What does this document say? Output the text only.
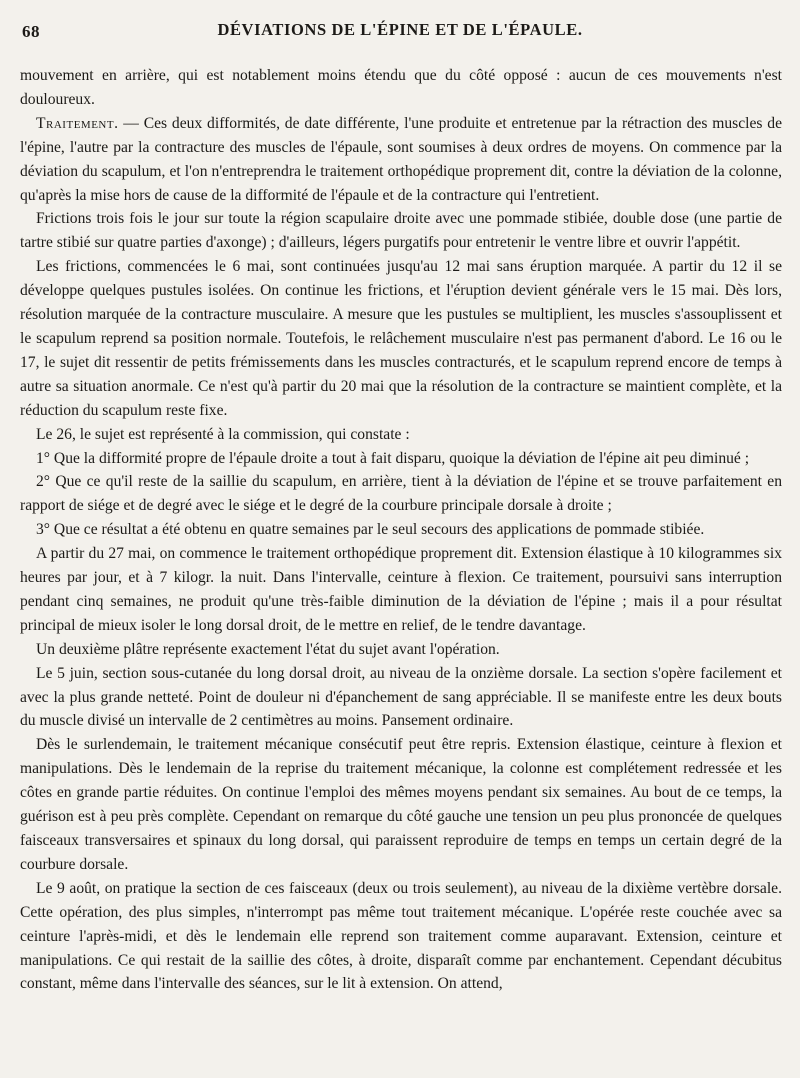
68	DÉVIATIONS DE L'ÉPINE ET DE L'ÉPAULE.

mouvement en arrière, qui est notablement moins étendu que du côté opposé : aucun de ces mouvements n'est douloureux.

Traitement. — Ces deux difformités, de date différente, l'une produite et entretenue par la rétraction des muscles de l'épine, l'autre par la contracture des muscles de l'épaule, sont soumises à deux ordres de moyens. On commence par la déviation du scapulum, et l'on n'entreprendra le traitement orthopédique proprement dit, contre la déviation de la colonne, qu'après la mise hors de cause de la difformité de l'épaule et de la contracture qui l'entretient.

Frictions trois fois le jour sur toute la région scapulaire droite avec une pommade stibiée, double dose (une partie de tartre stibié sur quatre parties d'axonge) ; d'ailleurs, légers purgatifs pour entretenir le ventre libre et ouvrir l'appétit.

Les frictions, commencées le 6 mai, sont continuées jusqu'au 12 mai sans éruption marquée. A partir du 12 il se développe quelques pustules isolées. On continue les frictions, et l'éruption devient générale vers le 15 mai. Dès lors, résolution marquée de la contracture musculaire. A mesure que les pustules se multiplient, les muscles s'assouplissent et le scapulum reprend sa position normale. Toutefois, le relâchement musculaire n'est pas permanent d'abord. Le 16 ou le 17, le sujet dit ressentir de petits frémissements dans les muscles contracturés, et le scapulum reprend encore de temps à autre sa situation anormale. Ce n'est qu'à partir du 20 mai que la résolution de la contracture se maintient complète, et la réduction du scapulum reste fixe.

Le 26, le sujet est représenté à la commission, qui constate :

1° Que la difformité propre de l'épaule droite a tout à fait disparu, quoique la déviation de l'épine ait peu diminué ;

2° Que ce qu'il reste de la saillie du scapulum, en arrière, tient à la déviation de l'épine et se trouve parfaitement en rapport de siége et de degré avec le siége et le degré de la courbure principale dorsale à droite ;

3° Que ce résultat a été obtenu en quatre semaines par le seul secours des applications de pommade stibiée.

A partir du 27 mai, on commence le traitement orthopédique proprement dit. Extension élastique à 10 kilogrammes six heures par jour, et à 7 kilogr. la nuit. Dans l'intervalle, ceinture à flexion. Ce traitement, poursuivi sans interruption pendant cinq semaines, ne produit qu'une très-faible diminution de la déviation de l'épine ; mais il a pour résultat principal de mieux isoler le long dorsal droit, de le mettre en relief, de le tendre davantage.

Un deuxième plâtre représente exactement l'état du sujet avant l'opération.

Le 5 juin, section sous-cutanée du long dorsal droit, au niveau de la onzième dorsale. La section s'opère facilement et avec la plus grande netteté. Point de douleur ni d'épanchement de sang appréciable. Il se manifeste entre les deux bouts du muscle divisé un intervalle de 2 centimètres au moins. Pansement ordinaire.

Dès le surlendemain, le traitement mécanique consécutif peut être repris. Extension élastique, ceinture à flexion et manipulations. Dès le lendemain de la reprise du traitement mécanique, la colonne est complétement redressée et les côtes en grande partie réduites. On continue l'emploi des mêmes moyens pendant six semaines. Au bout de ce temps, la guérison est à peu près complète. Cependant on remarque du côté gauche une tension un peu plus prononcée de quelques faisceaux transversaires et spinaux du long dorsal, qui paraissent reproduire de temps en temps un certain degré de la courbure dorsale.

Le 9 août, on pratique la section de ces faisceaux (deux ou trois seulement), au niveau de la dixième vertèbre dorsale. Cette opération, des plus simples, n'interrompt pas même tout traitement mécanique. L'opérée reste couchée avec sa ceinture l'après-midi, et dès le lendemain elle reprend son traitement comme auparavant. Extension, ceinture et manipulations. Ce qui restait de la saillie des côtes, à droite, disparaît comme par enchantement. Cependant décubitus constant, même dans l'intervalle des séances, sur le lit à extension. On attend,
